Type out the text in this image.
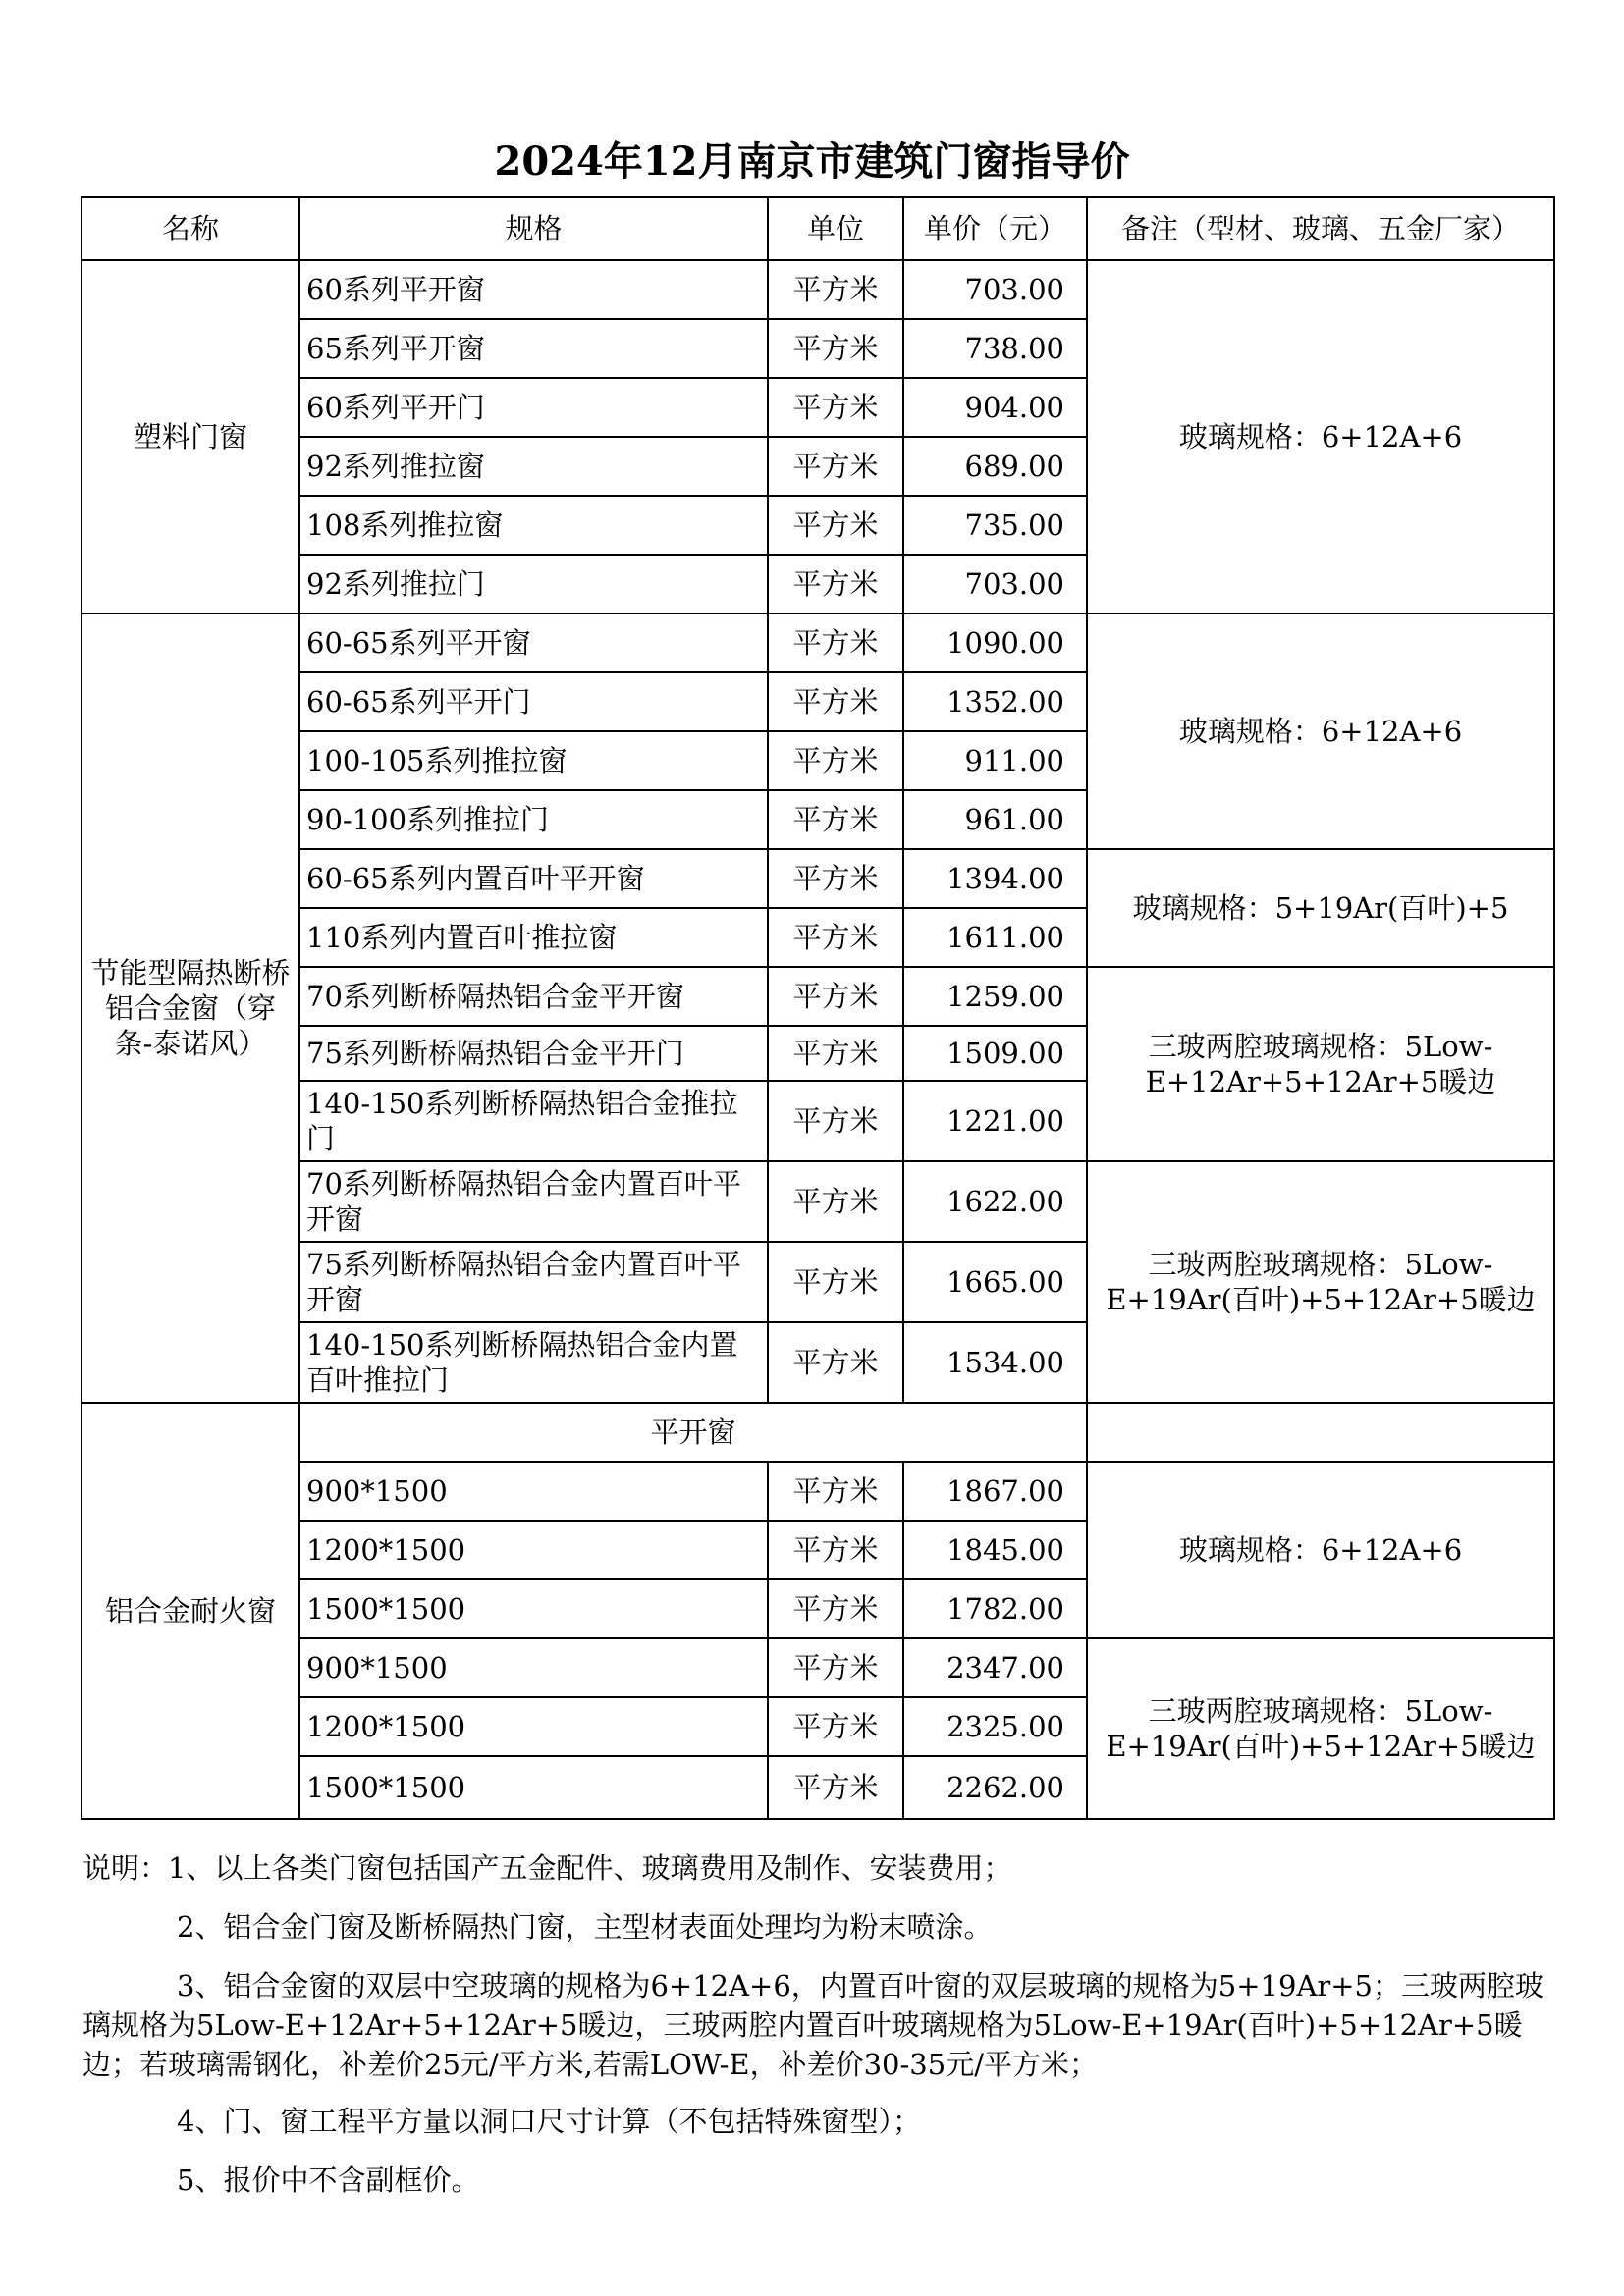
2024年12月南京市建筑门窗指导价
名称	规格	单位	单价（元）	备注（型材、玻璃、五金厂家）
塑料门窗	60系列平开窗	平方米	703.00	玻璃规格：6+12A+6
	65系列平开窗	平方米	738.00	
	60系列平开门	平方米	904.00	
	92系列推拉窗	平方米	689.00	
	108系列推拉窗	平方米	735.00	
	92系列推拉门	平方米	703.00	
节能型隔热断桥铝合金窗（穿条-泰诺风）	60-65系列平开窗	平方米	1090.00	玻璃规格：6+12A+6
	60-65系列平开门	平方米	1352.00	
	100-105系列推拉窗	平方米	911.00	
	90-100系列推拉门	平方米	961.00	
	60-65系列内置百叶平开窗	平方米	1394.00	玻璃规格：5+19Ar(百叶)+5
	110系列内置百叶推拉窗	平方米	1611.00	
	70系列断桥隔热铝合金平开窗	平方米	1259.00	三玻两腔玻璃规格：5Low-E+12Ar+5+12Ar+5暖边
	75系列断桥隔热铝合金平开门	平方米	1509.00	
	140-150系列断桥隔热铝合金推拉门	平方米	1221.00	
	70系列断桥隔热铝合金内置百叶平开窗	平方米	1622.00	三玻两腔玻璃规格：5Low-E+19Ar(百叶)+5+12Ar+5暖边
	75系列断桥隔热铝合金内置百叶平开窗	平方米	1665.00	
	140-150系列断桥隔热铝合金内置百叶推拉门	平方米	1534.00	
铝合金耐火窗	平开窗			
	900*1500	平方米	1867.00	玻璃规格：6+12A+6
	1200*1500	平方米	1845.00	
	1500*1500	平方米	1782.00	
	900*1500	平方米	2347.00	三玻两腔玻璃规格：5Low-E+19Ar(百叶)+5+12Ar+5暖边
	1200*1500	平方米	2325.00	
	1500*1500	平方米	2262.00	

说明：1、以上各类门窗包括国产五金配件、玻璃费用及制作、安装费用；

2、铝合金门窗及断桥隔热门窗，主型材表面处理均为粉末喷涂。

3、铝合金窗的双层中空玻璃的规格为6+12A+6，内置百叶窗的双层玻璃的规格为5+19Ar+5；三玻两腔玻璃规格为5Low-E+12Ar+5+12Ar+5暖边，三玻两腔内置百叶玻璃规格为5Low-E+19Ar(百叶)+5+12Ar+5暖边；若玻璃需钢化，补差价25元/平方米,若需LOW-E，补差价30-35元/平方米；

4、门、窗工程平方量以洞口尺寸计算（不包括特殊窗型）；

5、报价中不含副框价。
